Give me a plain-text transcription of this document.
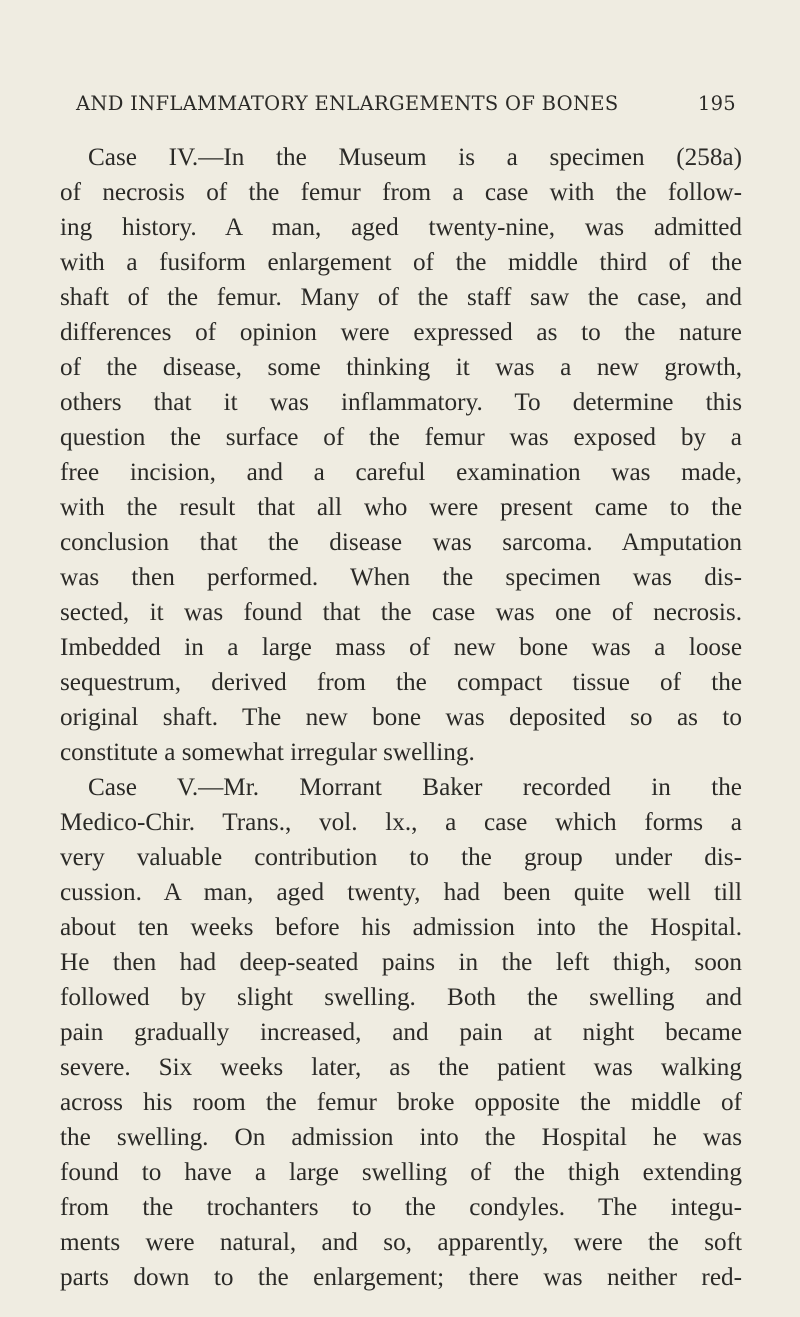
AND INFLAMMATORY ENLARGEMENTS OF BONES	195
Case IV.—In the Museum is a specimen (258a)
of necrosis of the femur from a case with the follow-
ing history. A man, aged twenty-nine, was admitted
with a fusiform enlargement of the middle third of the
shaft of the femur. Many of the staff saw the case, and
differences of opinion were expressed as to the nature
of the disease, some thinking it was a new growth,
others that it was inflammatory. To determine this
question the surface of the femur was exposed by a
free incision, and a careful examination was made,
with the result that all who were present came to the
conclusion that the disease was sarcoma. Amputation
was then performed. When the specimen was dis-
sected, it was found that the case was one of necrosis.
Imbedded in a large mass of new bone was a loose
sequestrum, derived from the compact tissue of the
original shaft. The new bone was deposited so as to
constitute a somewhat irregular swelling.
Case V.—Mr. Morrant Baker recorded in the
Medico-Chir. Trans., vol. lx., a case which forms a
very valuable contribution to the group under dis-
cussion. A man, aged twenty, had been quite well till
about ten weeks before his admission into the Hospital.
He then had deep-seated pains in the left thigh, soon
followed by slight swelling. Both the swelling and
pain gradually increased, and pain at night became
severe. Six weeks later, as the patient was walking
across his room the femur broke opposite the middle of
the swelling. On admission into the Hospital he was
found to have a large swelling of the thigh extending
from the trochanters to the condyles. The integu-
ments were natural, and so, apparently, were the soft
parts down to the enlargement; there was neither red-
